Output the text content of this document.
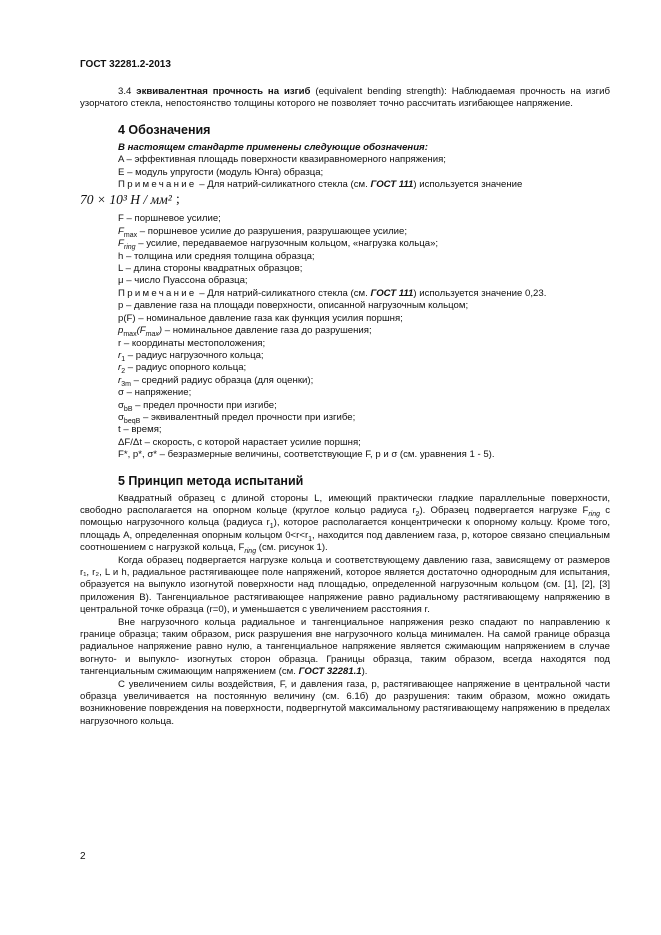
ГОСТ 32281.2-2013

3.4 эквивалентная прочность на изгиб (equivalent bending strength): Наблюдаемая прочность на изгиб узорчатого стекла, непостоянство толщины которого не позволяет точно рассчитать изгибающее напряжение.

4 Обозначения

В настоящем стандарте применены следующие обозначения:

A – эффективная площадь поверхности квазиравномерного напряжения;

E – модуль упругости (модуль Юнга) образца;

Примечание – Для натрий-силикатного стекла (см. ГОСТ 111) используется значение

70 × 10³ Н / мм² ;

F – поршневое усилие;

$F_{max}$ – поршневое усилие до разрушения, разрушающее усилие;

$F_{ring}$ – усилие, передаваемое нагрузочным кольцом, «нагрузка кольца»;

h – толщина или средняя толщина образца;

L – длина стороны квадратных образцов;

μ – число Пуассона образца;

Примечание – Для натрий-силикатного стекла (см. ГОСТ 111) используется значение 0,23.

p – давление газа на площади поверхности, описанной нагрузочным кольцом;

p(F) – номинальное давление газа как функция усилия поршня;

$p_{max}(F_{max})$ – номинальное давление газа до разрушения;

r – координаты местоположения;

$r_1$ – радиус нагрузочного кольца;

$r_2$ – радиус опорного кольца;

$r_{3m}$ – средний радиус образца (для оценки);

σ – напряжение;

$\sigma_{bB}$ – предел прочности при изгибе;

$\sigma_{beqB}$ – эквивалентный предел прочности при изгибе;

t – время;

ΔF/Δt – скорость, с которой нарастает усилие поршня;

F*, p*, σ* – безразмерные величины, соответствующие F, p и σ (см. уравнения 1 - 5).

5 Принцип метода испытаний

Квадратный образец с длиной стороны L, имеющий практически гладкие параллельные поверхности, свободно располагается на опорном кольце (круглое кольцо радиуса $r_2$). Образец подвергается нагрузке $F_{ring}$ с помощью нагрузочного кольца (радиуса $r_1$), которое располагается концентрически к опорному кольцу. Кроме того, площадь A, определенная опорным кольцом $0<r<r_1$, находится под давлением газа, p, которое связано специальным соотношением с нагрузкой кольца, $F_{ring}$ (см. рисунок 1).

Когда образец подвергается нагрузке кольца и соответствующему давлению газа, зависящему от размеров r₁, r₂, L и h, радиальное растягивающее поле напряжений, которое является достаточно однородным для испытания, образуется на выпукло изогнутой поверхности над площадью, определенной нагрузочным кольцом (см. [1], [2], [3] приложения В). Тангенциальное растягивающее напряжение равно радиальному растягивающему напряжению в центральной точке образца (r=0), и уменьшается с увеличением расстояния r.

Вне нагрузочного кольца радиальное и тангенциальное напряжения резко спадают по направлению к границе образца; таким образом, риск разрушения вне нагрузочного кольца минимален. На самой границе образца радиальное напряжение равно нулю, а тангенциальное напряжение является сжимающим напряжением в случае вогнуто- и выпукло- изогнутых сторон образца. Границы образца, таким образом, всегда находятся под тангенциальным сжимающим напряжением (см. ГОСТ 32281.1).

С увеличением силы воздействия, F, и давления газа, p, растягивающее напряжение в центральной части образца увеличивается на постоянную величину (см. 6.1б) до разрушения: таким образом, можно ожидать возникновение повреждения на поверхности, подвергнутой максимальному растягивающему напряжению в пределах нагрузочного кольца.

2
